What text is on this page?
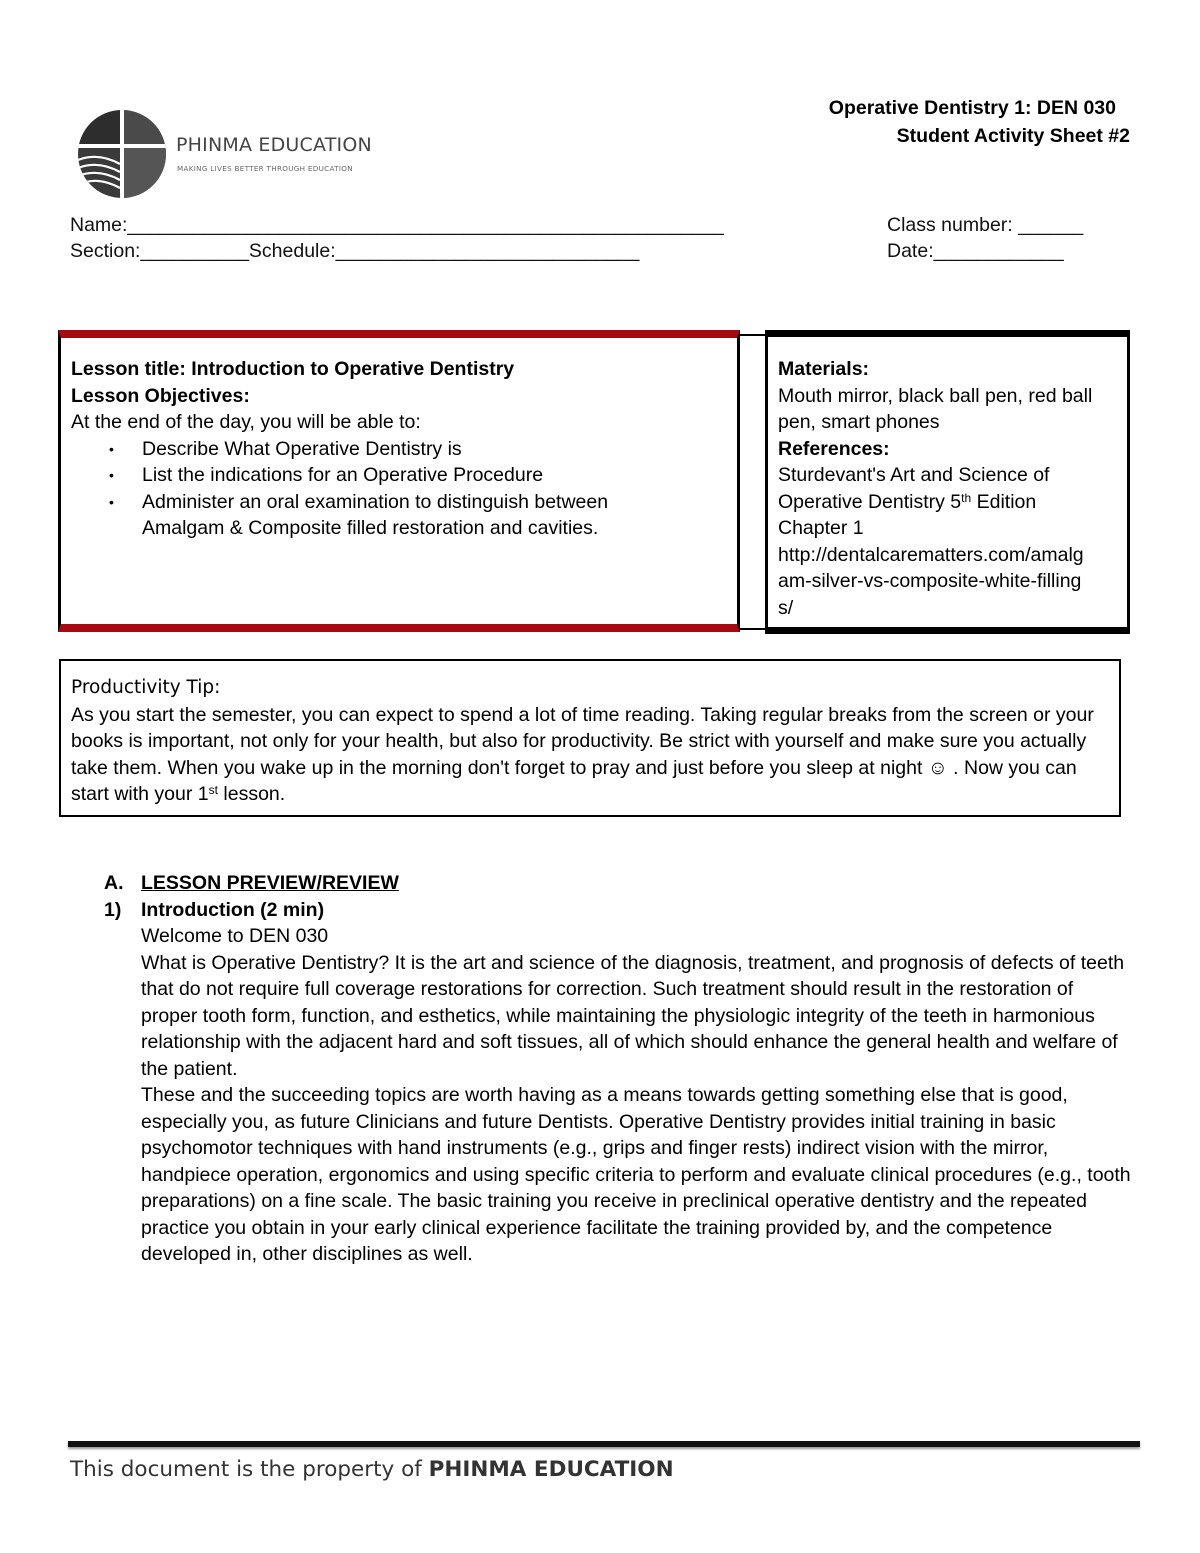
PHINMA EDUCATION
MAKING LIVES BETTER THROUGH EDUCATION
Operative Dentistry 1: DEN 030
Student Activity Sheet #2
Name:_______________________________________________________	Class number: ______
Section:__________Schedule:____________________________	Date:____________
Lesson title: Introduction to Operative Dentistry
Lesson Objectives:
At the end of the day, you will be able to:
• Describe What Operative Dentistry is
• List the indications for an Operative Procedure
• Administer an oral examination to distinguish between Amalgam & Composite filled restoration and cavities.
Materials:
Mouth mirror, black ball pen, red ball pen, smart phones
References:
Sturdevant's Art and Science of Operative Dentistry 5th Edition
Chapter 1
http://dentalcarematters.com/amalg
am-silver-vs-composite-white-filling
s/
Productivity Tip:
As you start the semester, you can expect to spend a lot of time reading. Taking regular breaks from the screen or your books is important, not only for your health, but also for productivity. Be strict with yourself and make sure you actually take them. When you wake up in the morning don't forget to pray and just before you sleep at night ☺ . Now you can start with your 1st lesson.
A. LESSON PREVIEW/REVIEW
1)	Introduction (2 min)
Welcome to DEN 030
What is Operative Dentistry? It is the art and science of the diagnosis, treatment, and prognosis of defects of teeth that do not require full coverage restorations for correction. Such treatment should result in the restoration of proper tooth form, function, and esthetics, while maintaining the physiologic integrity of the teeth in harmonious relationship with the adjacent hard and soft tissues, all of which should enhance the general health and welfare of the patient.
These and the succeeding topics are worth having as a means towards getting something else that is good, especially you, as future Clinicians and future Dentists. Operative Dentistry provides initial training in basic psychomotor techniques with hand instruments (e.g., grips and finger rests) indirect vision with the mirror, handpiece operation, ergonomics and using specific criteria to perform and evaluate clinical procedures (e.g., tooth preparations) on a fine scale. The basic training you receive in preclinical operative dentistry and the repeated practice you obtain in your early clinical experience facilitate the training provided by, and the competence developed in, other disciplines as well.
This document is the property of PHINMA EDUCATION
